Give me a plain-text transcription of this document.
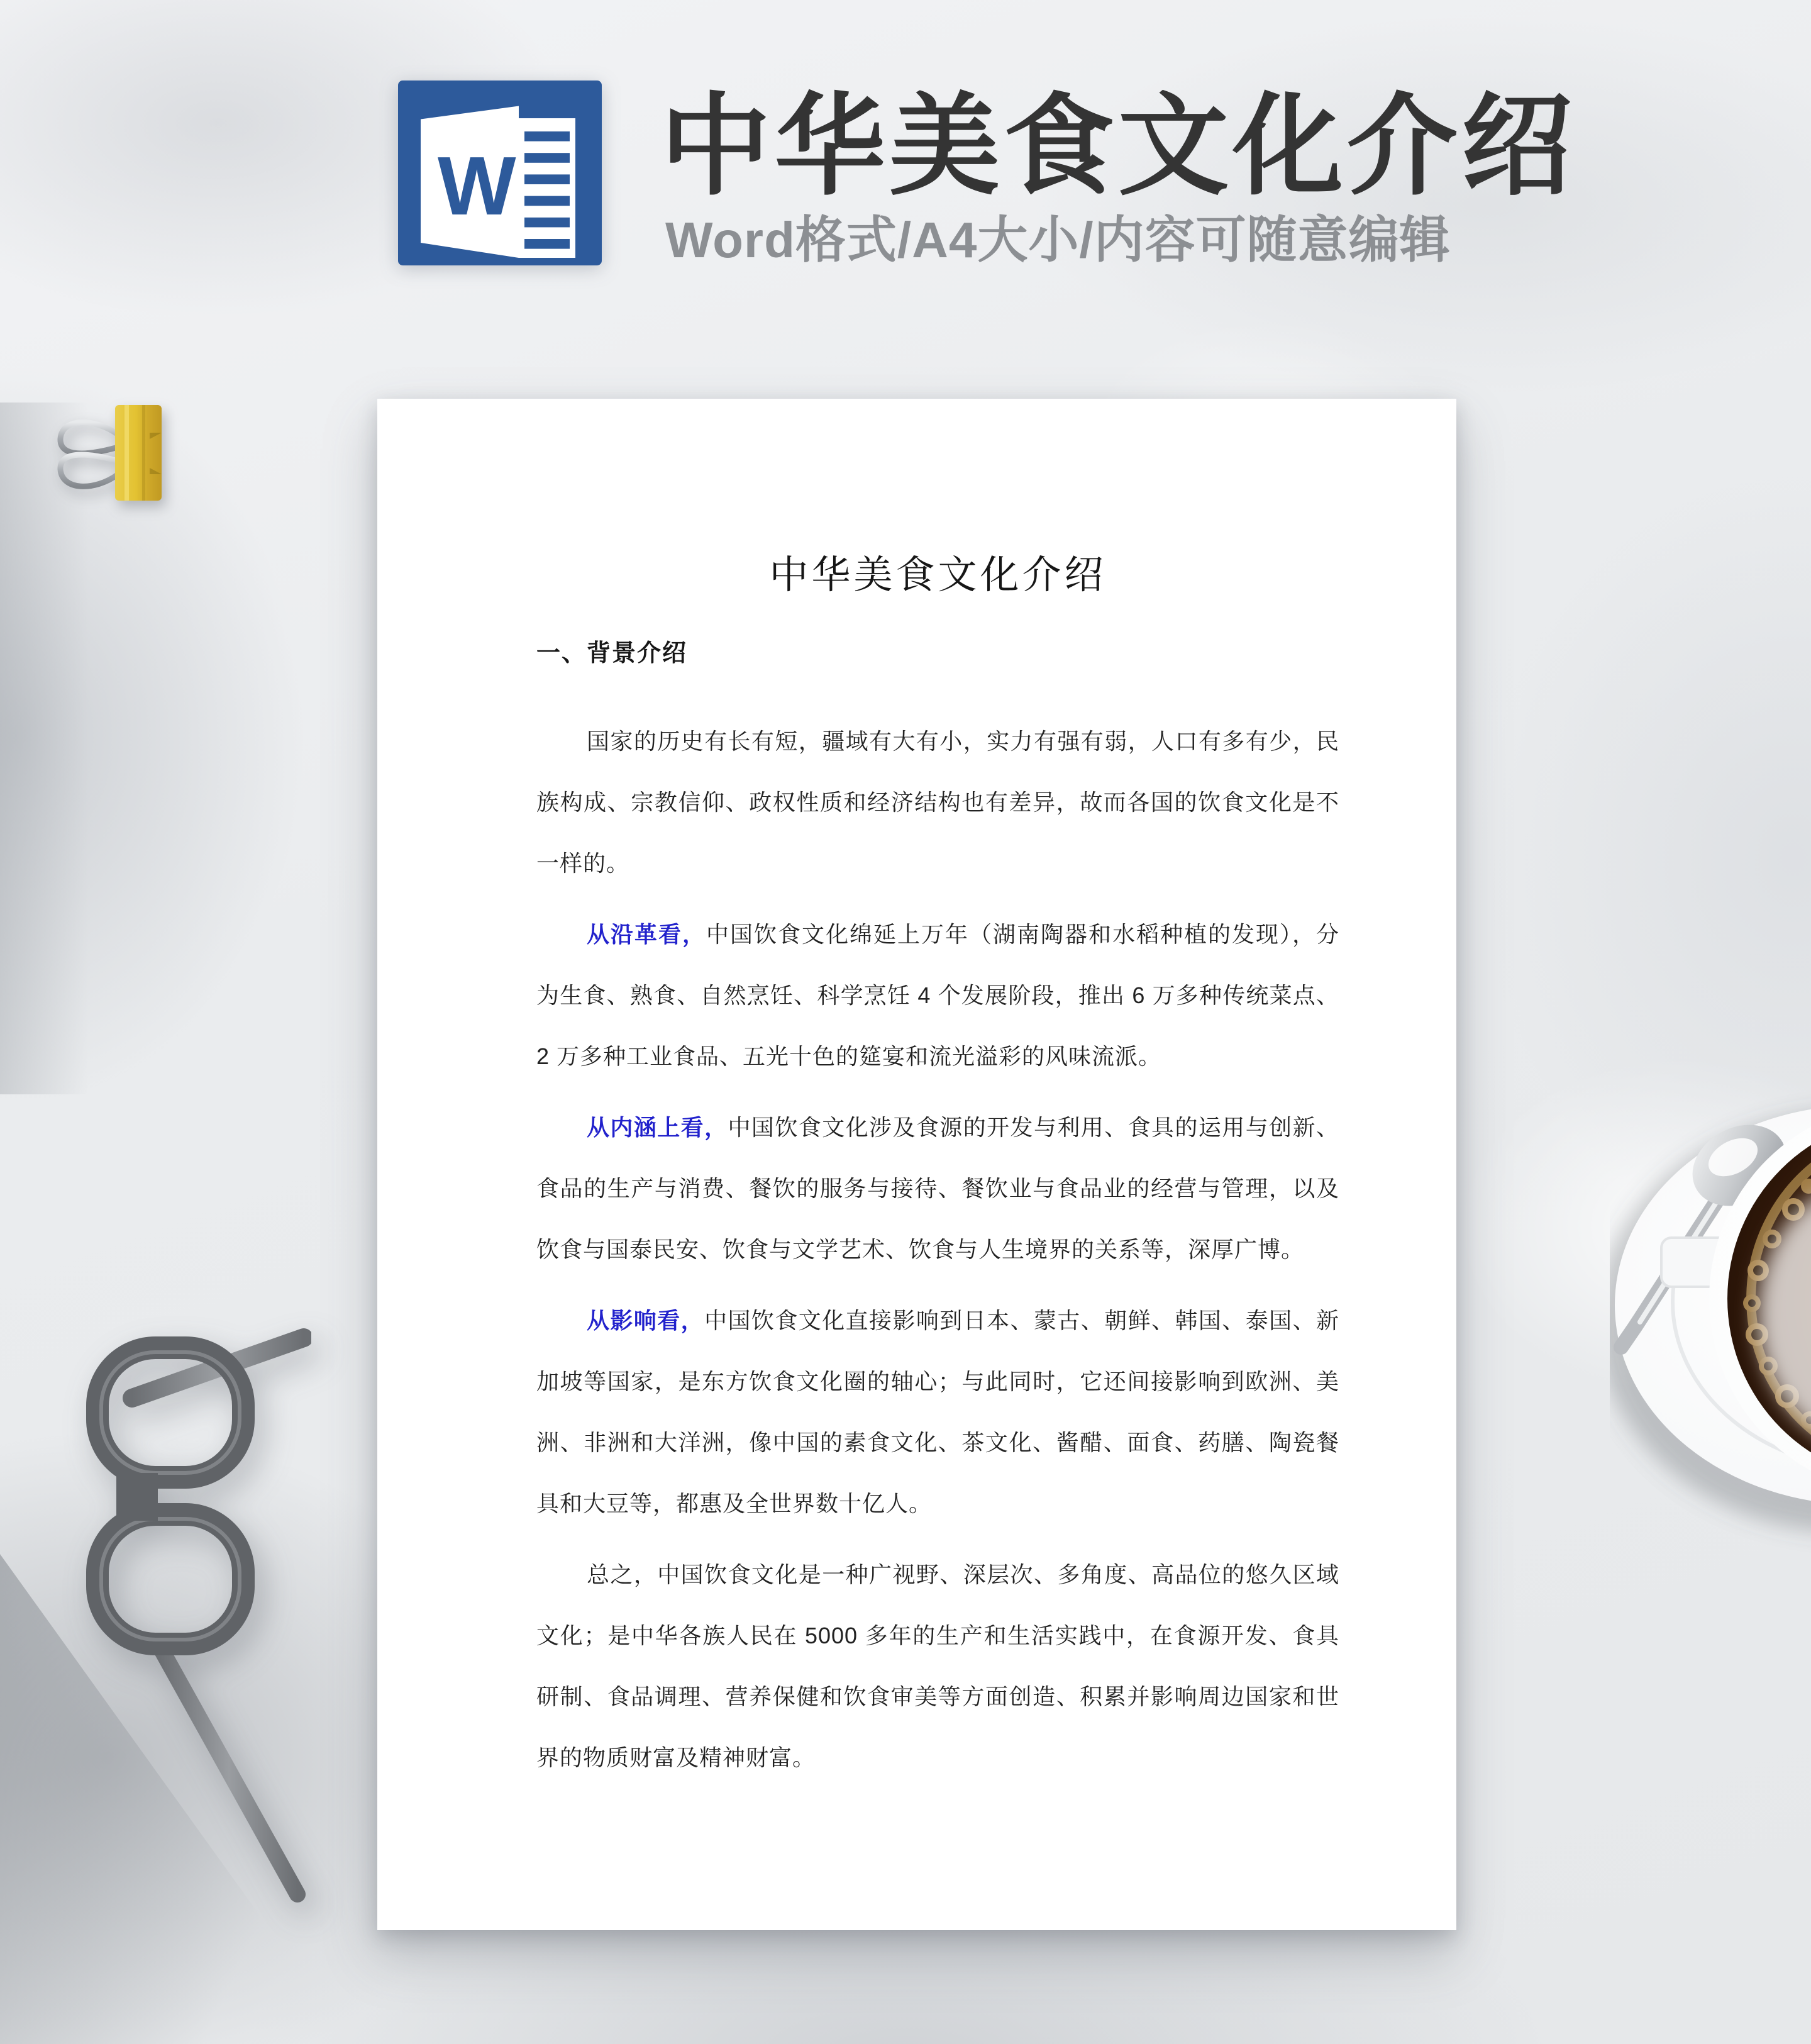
W 中华美食文化介绍
Word格式/A4大小/内容可随意编辑
中华美食文化介绍
一、背景介绍

国家的历史有长有短，疆域有大有小，实力有强有弱，人口有多有少，民族构成、宗教信仰、政权性质和经济结构也有差异，故而各国的饮食文化是不一样的。

从沿革看，中国饮食文化绵延上万年（湖南陶器和水稻种植的发现），分为生食、熟食、自然烹饪、科学烹饪 4 个发展阶段，推出 6 万多种传统菜点、2 万多种工业食品、五光十色的筵宴和流光溢彩的风味流派。

从内涵上看，中国饮食文化涉及食源的开发与利用、食具的运用与创新、食品的生产与消费、餐饮的服务与接待、餐饮业与食品业的经营与管理，以及饮食与国泰民安、饮食与文学艺术、饮食与人生境界的关系等，深厚广博。

从影响看，中国饮食文化直接影响到日本、蒙古、朝鲜、韩国、泰国、新加坡等国家，是东方饮食文化圈的轴心；与此同时，它还间接影响到欧洲、美洲、非洲和大洋洲，像中国的素食文化、茶文化、酱醋、面食、药膳、陶瓷餐具和大豆等，都惠及全世界数十亿人。

总之，中国饮食文化是一种广视野、深层次、多角度、高品位的悠久区域文化；是中华各族人民在 5000 多年的生产和生活实践中，在食源开发、食具研制、食品调理、营养保健和饮食审美等方面创造、积累并影响周边国家和世界的物质财富及精神财富。
